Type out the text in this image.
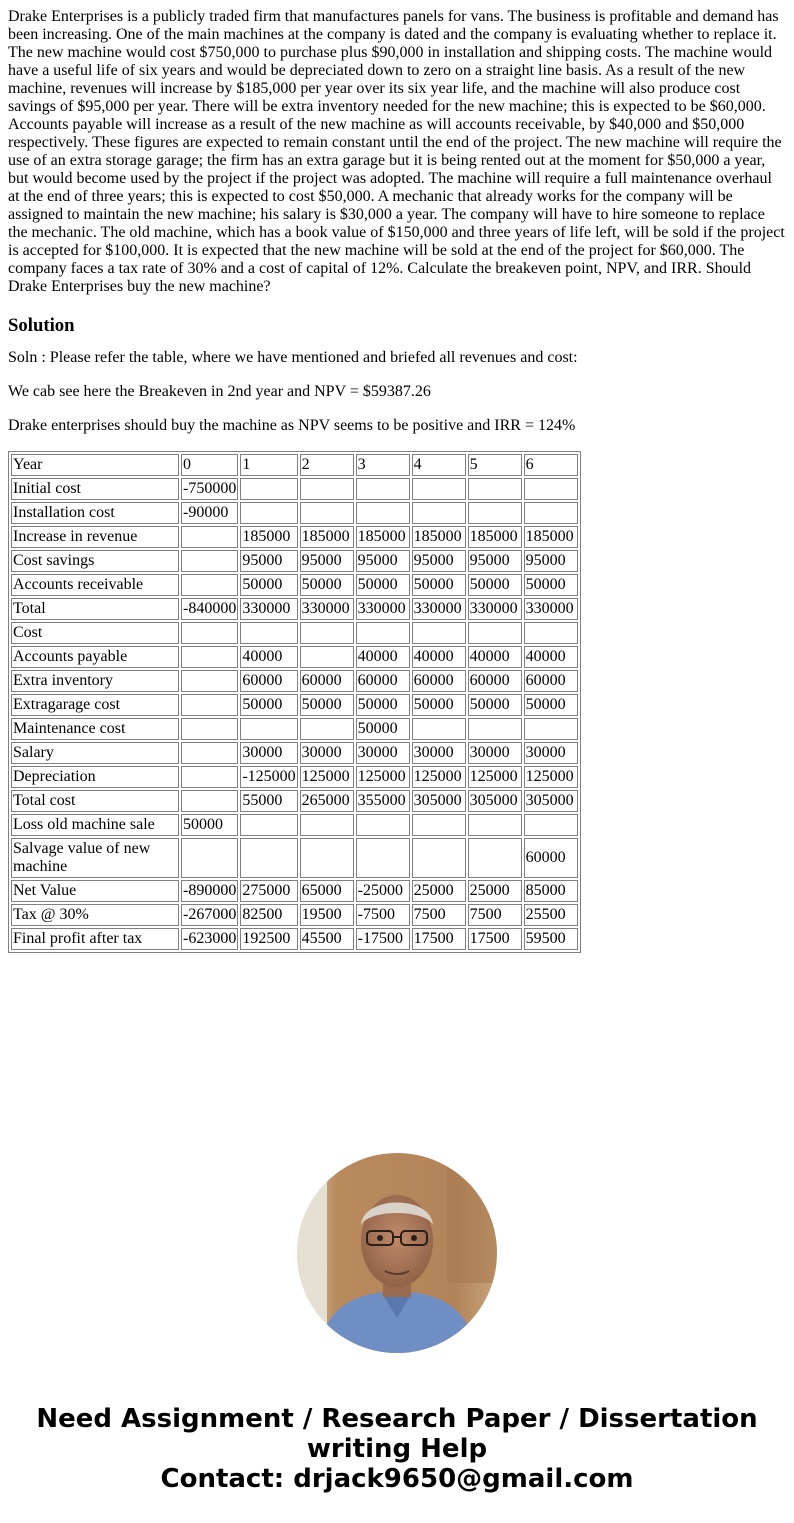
Drake Enterprises is a publicly traded firm that manufactures panels for vans. The business is profitable and demand has been increasing. One of the main machines at the company is dated and the company is evaluating whether to replace it. The new machine would cost $750,000 to purchase plus $90,000 in installation and shipping costs. The machine would have a useful life of six years and would be depreciated down to zero on a straight line basis. As a result of the new machine, revenues will increase by $185,000 per year over its six year life, and the machine will also produce cost savings of $95,000 per year. There will be extra inventory needed for the new machine; this is expected to be $60,000. Accounts payable will increase as a result of the new machine as will accounts receivable, by $40,000 and $50,000 respectively. These figures are expected to remain constant until the end of the project. The new machine will require the use of an extra storage garage; the firm has an extra garage but it is being rented out at the moment for $50,000 a year, but would become used by the project if the project was adopted. The machine will require a full maintenance overhaul at the end of three years; this is expected to cost $50,000. A mechanic that already works for the company will be assigned to maintain the new machine; his salary is $30,000 a year. The company will have to hire someone to replace the mechanic. The old machine, which has a book value of $150,000 and three years of life left, will be sold if the project is accepted for $100,000. It is expected that the new machine will be sold at the end of the project for $60,000. The company faces a tax rate of 30% and a cost of capital of 12%. Calculate the breakeven point, NPV, and IRR. Should Drake Enterprises buy the new machine?
Solution

Soln : Please refer the table, where we have mentioned and briefed all revenues and cost:

We cab see here the Breakeven in 2nd year and NPV = $59387.26

Drake enterprises should buy the machine as NPV seems to be positive and IRR = 124%

Year	0	1	2	3	4	5	6
Initial cost	-750000						
Installation cost	-90000						
Increase in revenue		185000	185000	185000	185000	185000	185000
Cost savings		95000	95000	95000	95000	95000	95000
Accounts receivable		50000	50000	50000	50000	50000	50000
Total	-840000	330000	330000	330000	330000	330000	330000
Cost							
Accounts payable		40000		40000	40000	40000	40000
Extra inventory		60000	60000	60000	60000	60000	60000
Extragarage cost		50000	50000	50000	50000	50000	50000
Maintenance cost				50000			
Salary		30000	30000	30000	30000	30000	30000
Depreciation		-125000	125000	125000	125000	125000	125000
Total cost		55000	265000	355000	305000	305000	305000
Loss old machine sale	50000						
Salvage value of new machine							60000
Net Value	-890000	275000	65000	-25000	25000	25000	85000
Tax @ 30%	-267000	82500	19500	-7500	7500	7500	25500
Final profit after tax	-623000	192500	45500	-17500	17500	17500	59500
Need Assignment / Research Paper / Dissertation
writing Help
Contact: drjack9650@gmail.com
